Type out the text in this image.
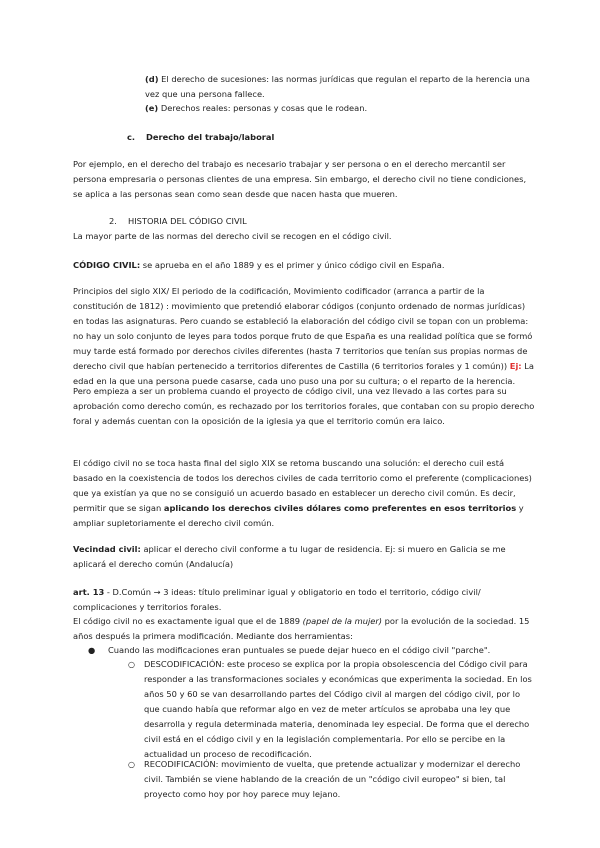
(d) El derecho de sucesiones: las normas jurídicas que regulan el reparto de la herencia una vez que una persona fallece.
(e) Derechos reales: personas y cosas que le rodean.
c. Derecho del trabajo/laboral
Por ejemplo, en el derecho del trabajo es necesario trabajar y ser persona o en el derecho mercantil ser persona empresaria o personas clientes de una empresa. Sin embargo, el derecho civil no tiene condiciones, se aplica a las personas sean como sean desde que nacen hasta que mueren.
2. HISTORIA DEL CÓDIGO CIVIL
La mayor parte de las normas del derecho civil se recogen en el código civil.
CÓDIGO CIVIL: se aprueba en el año 1889 y es el primer y único código civil en España.
Principios del siglo XIX/ El periodo de la codificación, Movimiento codificador (arranca a partir de la constitución de 1812) : movimiento que pretendió elaborar códigos (conjunto ordenado de normas jurídicas) en todas las asignaturas. Pero cuando se estableció la elaboración del código civil se topan con un problema: no hay un solo conjunto de leyes para todos porque fruto de que España es una realidad política que se formó muy tarde está formado por derechos civiles diferentes (hasta 7 territorios que tenían sus propias normas de derecho civil que habían pertenecido a territorios diferentes de Castilla (6 territorios forales y 1 común)) Ej: La edad en la que una persona puede casarse, cada uno puso una por su cultura; o el reparto de la herencia.
Pero empieza a ser un problema cuando el proyecto de código civil, una vez llevado a las cortes para su aprobación como derecho común, es rechazado por los territorios forales, que contaban con su propio derecho foral y además cuentan con la oposición de la iglesia ya que el territorio común era laico.
El código civil no se toca hasta final del siglo XIX se retoma buscando una solución: el derecho cuil está basado en la coexistencia de todos los derechos civiles de cada territorio como el preferente (complicaciones) que ya existían ya que no se consiguió un acuerdo basado en establecer un derecho civil común. Es decir, permitir que se sigan aplicando los derechos civiles dólares como preferentes en esos territorios y ampliar supletoriamente el derecho civil común.
Vecindad civil: aplicar el derecho civil conforme a tu lugar de residencia. Ej: si muero en Galicia se me aplicará el derecho común (Andalucía)
art. 13 - D.Común → 3 ideas: título preliminar igual y obligatorio en todo el territorio, código civil/ complicaciones y territorios forales.
El código civil no es exactamente igual que el de 1889 (papel de la mujer) por la evolución de la sociedad. 15 años después la primera modificación. Mediante dos herramientas:
● Cuando las modificaciones eran puntuales se puede dejar hueco en el código civil "parche".
○ DESCODIFICACIÓN: este proceso se explica por la propia obsolescencia del Código civil para responder a las transformaciones sociales y económicas que experimenta la sociedad. En los años 50 y 60 se van desarrollando partes del Código civil al margen del código civil, por lo que cuando había que reformar algo en vez de meter artículos se aprobaba una ley que desarrolla y regula determinada materia, denominada ley especial. De forma que el derecho civil está en el código civil y en la legislación complementaria. Por ello se percibe en la actualidad un proceso de recodificación.
○ RECODIFICACIÓN: movimiento de vuelta, que pretende actualizar y modernizar el derecho civil. También se viene hablando de la creación de un "código civil europeo" si bien, tal proyecto como hoy por hoy parece muy lejano.
